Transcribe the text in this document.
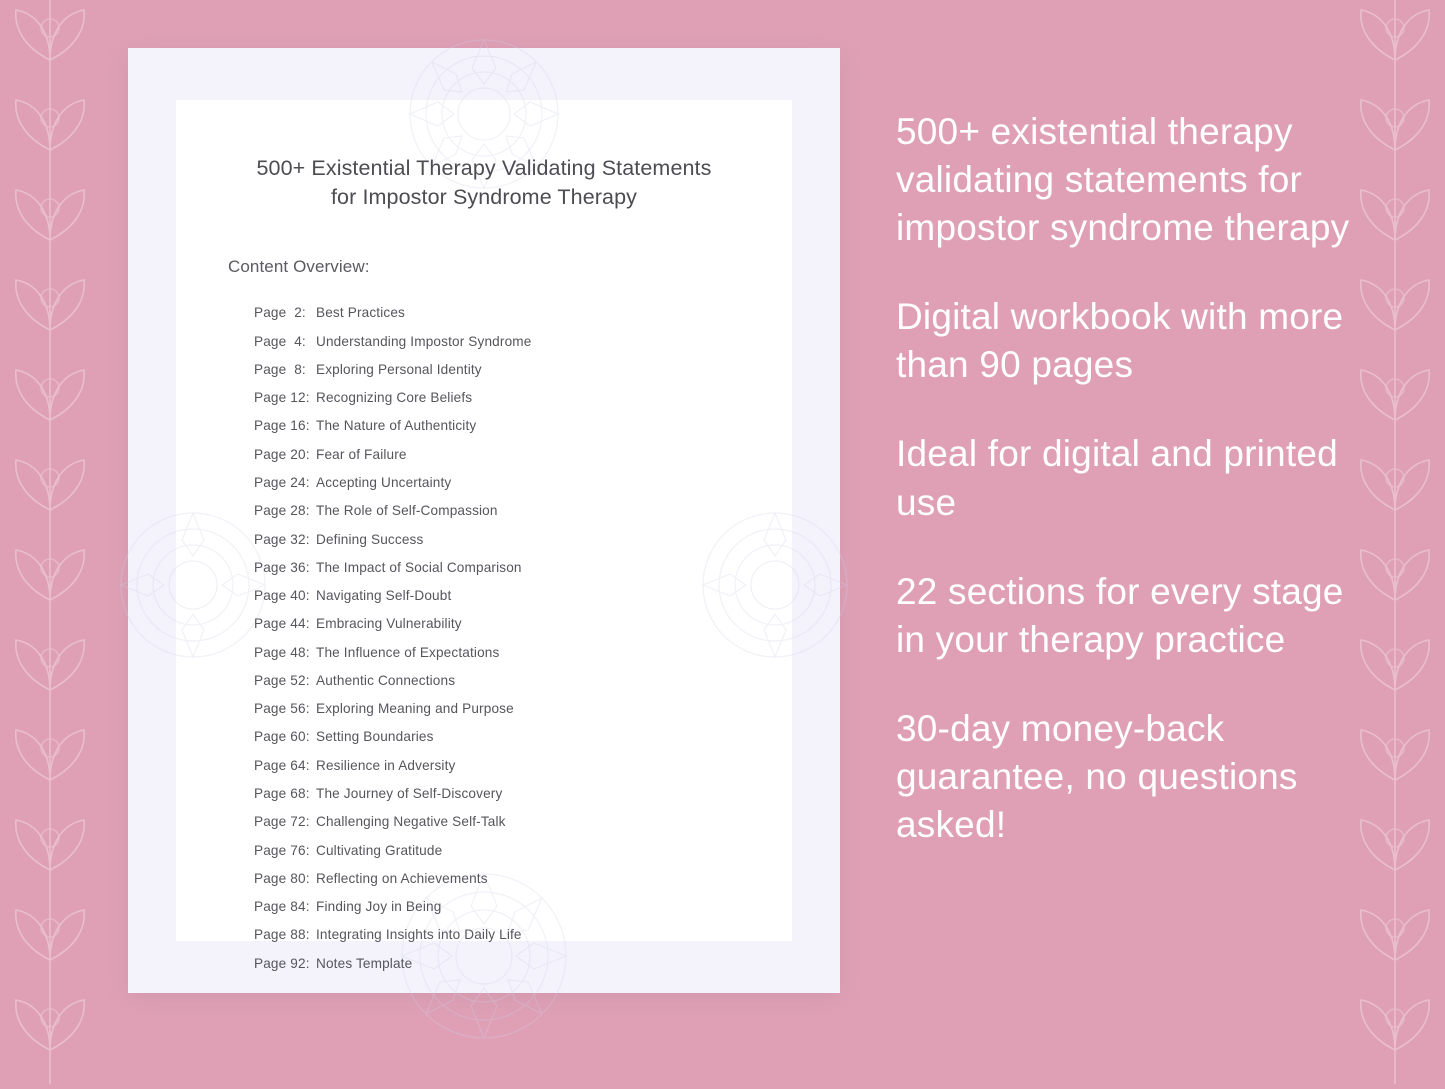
500+ Existential Therapy Validating Statements for Impostor Syndrome Therapy
Content Overview:
Page  2: Best Practices
Page  4: Understanding Impostor Syndrome
Page  8: Exploring Personal Identity
Page 12: Recognizing Core Beliefs
Page 16: The Nature of Authenticity
Page 20: Fear of Failure
Page 24: Accepting Uncertainty
Page 28: The Role of Self-Compassion
Page 32: Defining Success
Page 36: The Impact of Social Comparison
Page 40: Navigating Self-Doubt
Page 44: Embracing Vulnerability
Page 48: The Influence of Expectations
Page 52: Authentic Connections
Page 56: Exploring Meaning and Purpose
Page 60: Setting Boundaries
Page 64: Resilience in Adversity
Page 68: The Journey of Self-Discovery
Page 72: Challenging Negative Self-Talk
Page 76: Cultivating Gratitude
Page 80: Reflecting on Achievements
Page 84: Finding Joy in Being
Page 88: Integrating Insights into Daily Life
Page 92: Notes Template
500+ existential therapy validating statements for impostor syndrome therapy
Digital workbook with more than 90 pages
Ideal for digital and printed use
22 sections for every stage in your therapy practice
30-day money-back guarantee, no questions asked!
